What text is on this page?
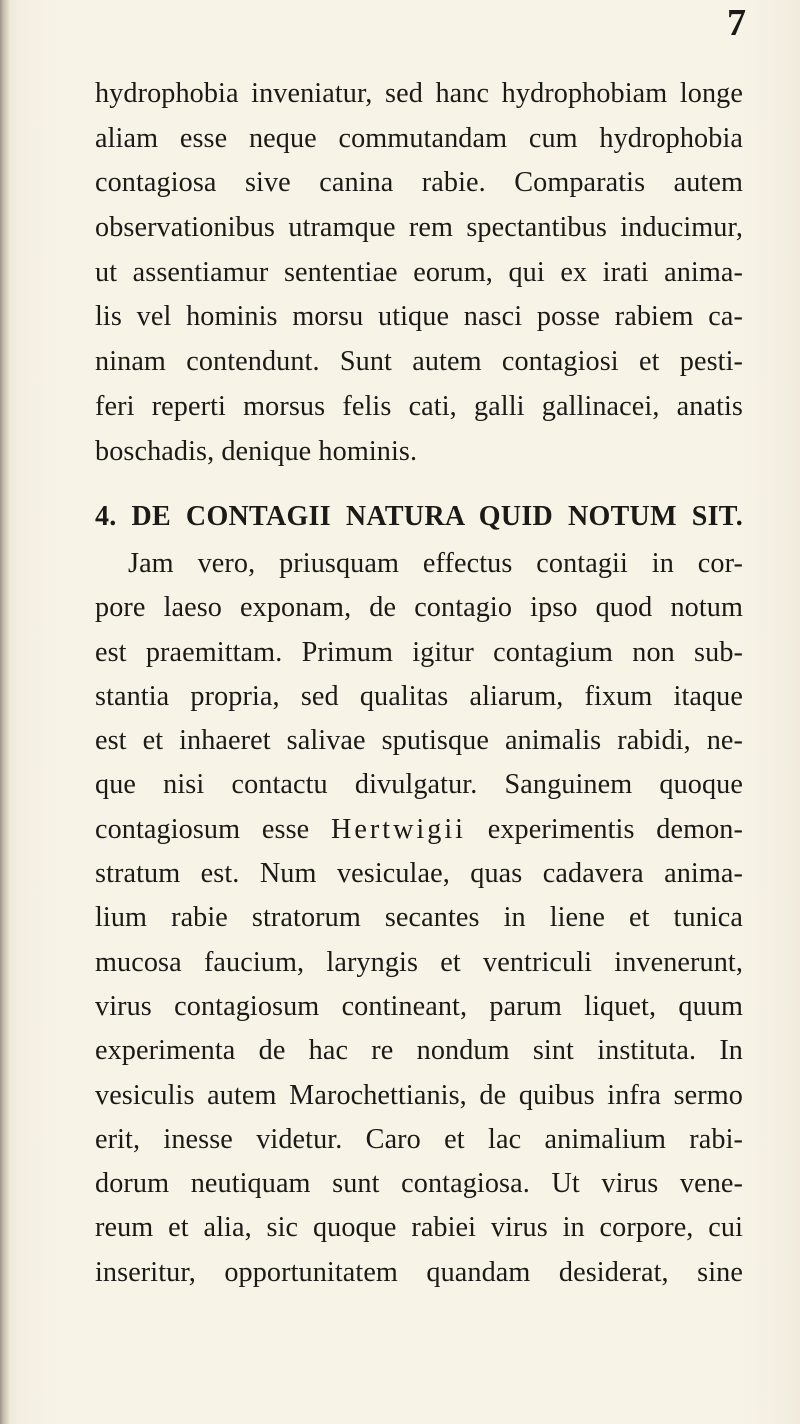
7
hydrophobia inveniatur, sed hanc hydrophobiam longe
aliam esse neque commutandam cum hydrophobia
contagiosa sive canina rabie. Comparatis autem
observationibus utramque rem spectantibus inducimur,
ut assentiamur sententiae eorum, qui ex irati anima-
lis vel hominis morsu utique nasci posse rabiem ca-
ninam contendunt. Sunt autem contagiosi et pesti-
feri reperti morsus felis cati, galli gallinacei, anatis
boschadis, denique hominis.
4. DE CONTAGII NATURA QUID NOTUM SIT.
Jam vero, priusquam effectus contagii in cor-
pore laeso exponam, de contagio ipso quod notum
est praemittam. Primum igitur contagium non sub-
stantia propria, sed qualitas aliarum, fixum itaque
est et inhaeret salivae sputisque animalis rabidi, ne-
que nisi contactu divulgatur. Sanguinem quoque
contagiosum esse Hertwigii experimentis demon-
stratum est. Num vesiculae, quas cadavera anima-
lium rabie stratorum secantes in liene et tunica
mucosa faucium, laryngis et ventriculi invenerunt,
virus contagiosum contineant, parum liquet, quum
experimenta de hac re nondum sint instituta. In
vesiculis autem Marochettianis, de quibus infra sermo
erit, inesse videtur. Caro et lac animalium rabi-
dorum neutiquam sunt contagiosa. Ut virus vene-
reum et alia, sic quoque rabiei virus in corpore, cui
inseritur, opportunitatem quandam desiderat, sine
